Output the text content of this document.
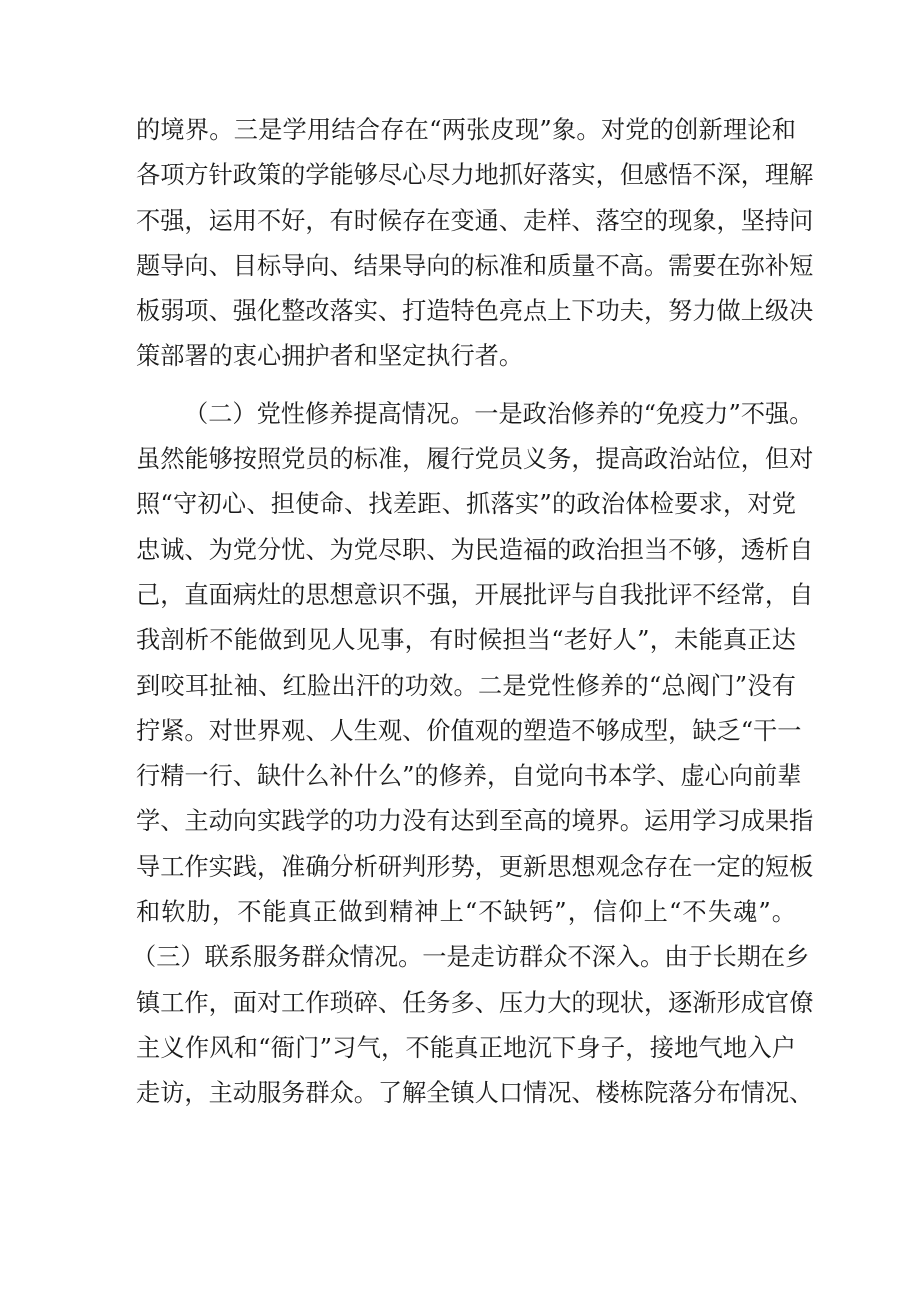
的境界。三是学用结合存在“两张皮现”象。对党的创新理论和
各项方针政策的学能够尽心尽力地抓好落实，但感悟不深，理解
不强，运用不好，有时候存在变通、走样、落空的现象，坚持问
题导向、目标导向、结果导向的标准和质量不高。需要在弥补短
板弱项、强化整改落实、打造特色亮点上下功夫，努力做上级决
策部署的衷心拥护者和坚定执行者。
（二）党性修养提高情况。一是政治修养的“免疫力”不强。
虽然能够按照党员的标准，履行党员义务，提高政治站位，但对
照“守初心、担使命、找差距、抓落实”的政治体检要求，对党
忠诚、为党分忧、为党尽职、为民造福的政治担当不够，透析自
己，直面病灶的思想意识不强，开展批评与自我批评不经常，自
我剖析不能做到见人见事，有时候担当“老好人”，未能真正达
到咬耳扯袖、红脸出汗的功效。二是党性修养的“总阀门”没有
拧紧。对世界观、人生观、价值观的塑造不够成型，缺乏“干一
行精一行、缺什么补什么”的修养，自觉向书本学、虚心向前辈
学、主动向实践学的功力没有达到至高的境界。运用学习成果指
导工作实践，准确分析研判形势，更新思想观念存在一定的短板
和软肋，不能真正做到精神上“不缺钙”，信仰上“不失魂”。
（三）联系服务群众情况。一是走访群众不深入。由于长期在乡
镇工作，面对工作琐碎、任务多、压力大的现状，逐渐形成官僚
主义作风和“衙门”习气，不能真正地沉下身子，接地气地入户
走访，主动服务群众。了解全镇人口情况、楼栋院落分布情况、
